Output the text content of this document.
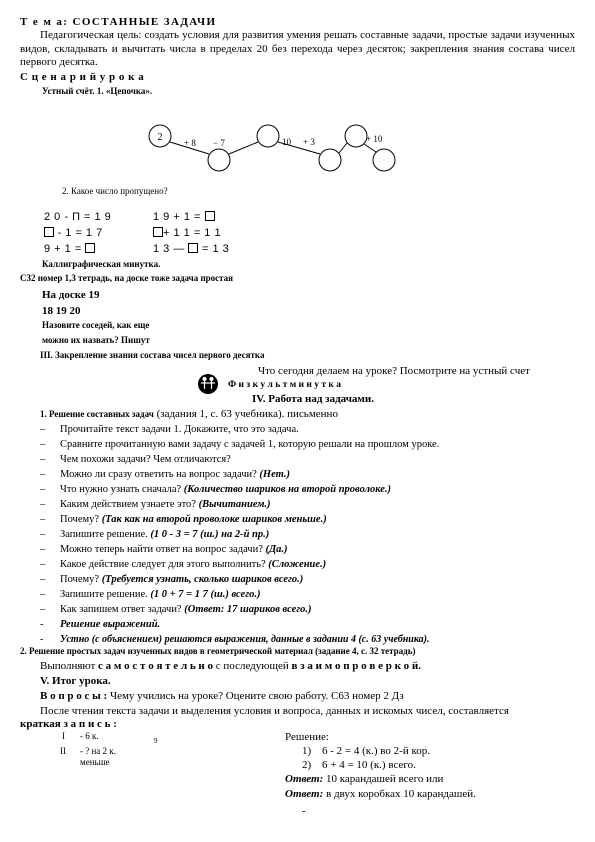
Т е м а: СОСТАННЫЕ ЗАДАЧИ
Педагогическая цель: создать условия для развития умения решать составные задачи, простые задачи изученных видов, складывать и вычитать числа в пределах 20 без перехода через десяток; закрепления знания состава чисел первого десятка.
С ц е н а р и й у р о к а
Устный счёт. 1. «Цепочка».
2 + 8 − 7	10 + 3	+ 10
2. Какое число пропущено?
2 0 - П = 1 9
- 1 = 1 7
9 + 1 =
1 9 + 1 =
+ 1 1 = 1 1
1 3 — = 1 3
Каллиграфическая минутка.
С32 номер 1,3 тетрадь, на доске тоже задача простая
На доске 19
18 19 20
Назовите соседей, как еще
можно их назвать? Пишут
III. Закрепление знания состава чисел первого десятка
Что сегодня делаем на уроке? Посмотрите на устный счет
Ф и з к у л ь т м и н у т к а
IV. Работа над задачами.
1. Решение составных задач (задания 1, с. 63 учебника). письменно
– Прочитайте текст задачи 1. Докажите, что это задача.
– Сравните прочитанную вами задачу с задачей 1, которую решали на прошлом уроке.
– Чем похожи задачи? Чем отличаются?
– Можно ли сразу ответить на вопрос задачи? (Нет.)
– Что нужно узнать сначала? (Количество шариков на второй проволоке.)
– Каким действием узнаете это? (Вычитанием.)
– Почему? (Так как на второй проволоке шариков меньше.)
– Запишите решение. (1 0 - 3 = 7 (ш.) на 2-й пр.)
– Можно теперь найти ответ на вопрос задачи? (Да.)
– Какое действие следует для этого выполнить? (Сложение.)
– Почему? (Требуется узнать, сколько шариков всего.)
– Запишите решение. (1 0 + 7 = 1 7 (ш.) всего.)
– Как запишем ответ задачи? (Ответ: 17 шариков всего.)
- Решение выражений.
- Устно (с объяснением) решаются выражения, данные в задании 4 (с. 63 учебника).
2. Решение простых задач изученных видов в геометрической материал (задание 4, с. 32 тетрадь)
Выполняют с а м о с т о я т е л ь н о с последующей в з а и м о п р о в е р к о й.
V. Итог урока.
В о п р о с ы : Чему учились на уроке? Оцените свою работу. С63 номер 2 Дз
После чтения текста задачи и выделения условия и вопроса, данных и искомых чисел, составляется
краткая з а п и с ь :
I - 6 к.
II - ? на 2 к.
меньше
9	Решение:
1) 6 - 2 = 4 (к.) во 2-й кор.
2) 6 + 4 = 10 (к.) всего.
Ответ: 10 карандашей всего или
Ответ: в двух коробках 10 карандашей.
-
